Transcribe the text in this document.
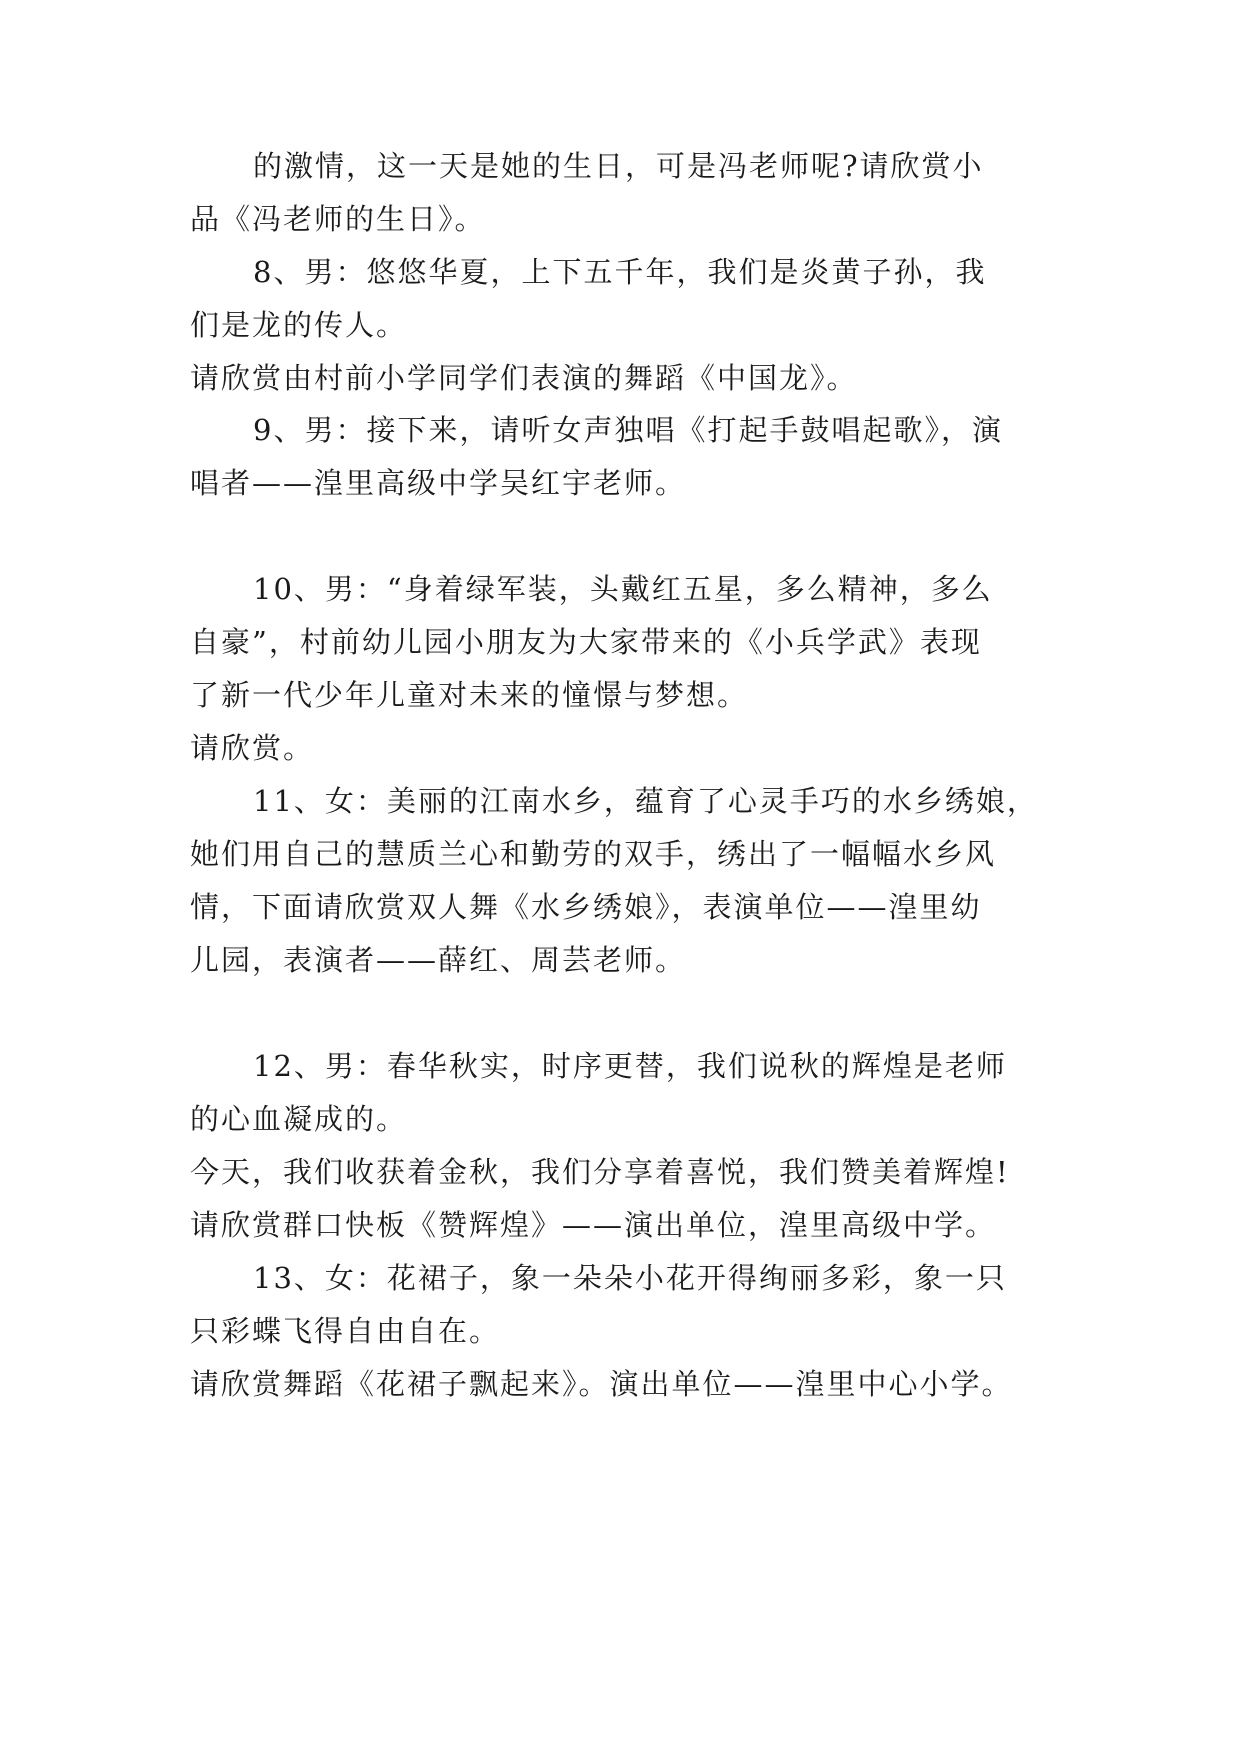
的激情，这一天是她的生日，可是冯老师呢?请欣赏小
品《冯老师的生日》。
8、男：悠悠华夏，上下五千年，我们是炎黄子孙，我
们是龙的传人。
请欣赏由村前小学同学们表演的舞蹈《中国龙》。
9、男：接下来，请听女声独唱《打起手鼓唱起歌》，演
唱者——湟里高级中学吴红宇老师。
10、男：“身着绿军装，头戴红五星，多么精神，多么
自豪”，村前幼儿园小朋友为大家带来的《小兵学武》表现
了新一代少年儿童对未来的憧憬与梦想。
请欣赏。
11、女：美丽的江南水乡，蕴育了心灵手巧的水乡绣娘，
她们用自己的慧质兰心和勤劳的双手，绣出了一幅幅水乡风
情，下面请欣赏双人舞《水乡绣娘》，表演单位——湟里幼
儿园，表演者——薛红、周芸老师。
12、男：春华秋实，时序更替，我们说秋的辉煌是老师
的心血凝成的。
今天，我们收获着金秋，我们分享着喜悦，我们赞美着辉煌!
请欣赏群口快板《赞辉煌》——演出单位，湟里高级中学。
13、女：花裙子，象一朵朵小花开得绚丽多彩，象一只
只彩蝶飞得自由自在。
请欣赏舞蹈《花裙子飘起来》。演出单位——湟里中心小学。
